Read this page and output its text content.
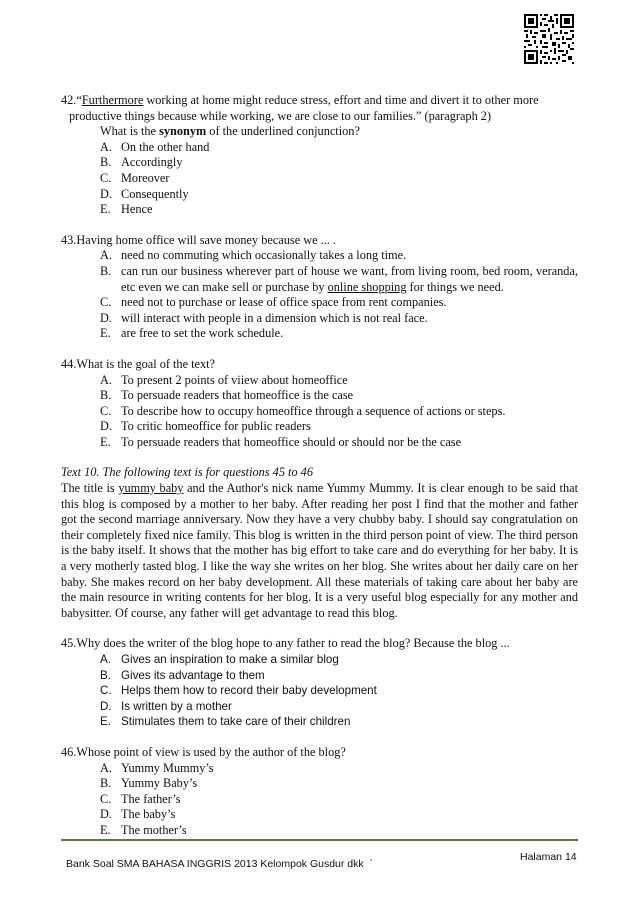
42.“Furthermore working at home might reduce stress, effort and time and divert it to other more
productive things because while working, we are close to our families.” (paragraph 2)
What is the synonym of the underlined conjunction?
A. On the other hand
B. Accordingly
C. Moreover
D. Consequently
E. Hence
43.Having home office will save money because we ... .
A. need no commuting which occasionally takes a long time.
B. can run our business wherever part of house we want, from living room, bed room, veranda, etc even we can make sell or purchase by online shopping for things we need.
C. need not to purchase or lease of office space from rent companies.
D. will interact with people in a dimension which is not real face.
E. are free to set the work schedule.
44.What is the goal of the text?
A. To present 2 points of viiew about homeoffice
B. To persuade readers that homeoffice is the case
C. To describe how to occupy homeoffice through a sequence of actions or steps.
D. To critic homeoffice for public readers
E. To persuade readers that homeoffice should or should nor be the case
Text 10. The following text is for questions 45 to 46

The title is yummy baby and the Author's nick name Yummy Mummy. It is clear enough to be said that this blog is composed by a mother to her baby. After reading her post I find that the mother and father got the second marriage anniversary. Now they have a very chubby baby. I should say congratulation on their completely fixed nice family. This blog is written in the third person point of view. The third person is the baby itself. It shows that the mother has big effort to take care and do everything for her baby. It is a very motherly tasted blog. I like the way she writes on her blog. She writes about her daily care on her baby. She makes record on her baby development. All these materials of taking care about her baby are the main resource in writing contents for her blog. It is a very useful blog especially for any mother and babysitter. Of course, any father will get advantage to read this blog.

45.Why does the writer of the blog hope to any father to read the blog? Because the blog ...
A. Gives an inspiration to make a similar blog
B. Gives its advantage to them
C. Helps them how to record their baby development
D. Is written by a mother
E. Stimulates them to take care of their children
46.Whose point of view is used by the author of the blog?
A. Yummy Mummy’s
B. Yummy Baby’s
C. The father’s
D. The baby’s
E. The mother’s
Bank Soal SMA BAHASA INGGRIS 2013 Kelompok Gusdur dkk `
Halaman 14
